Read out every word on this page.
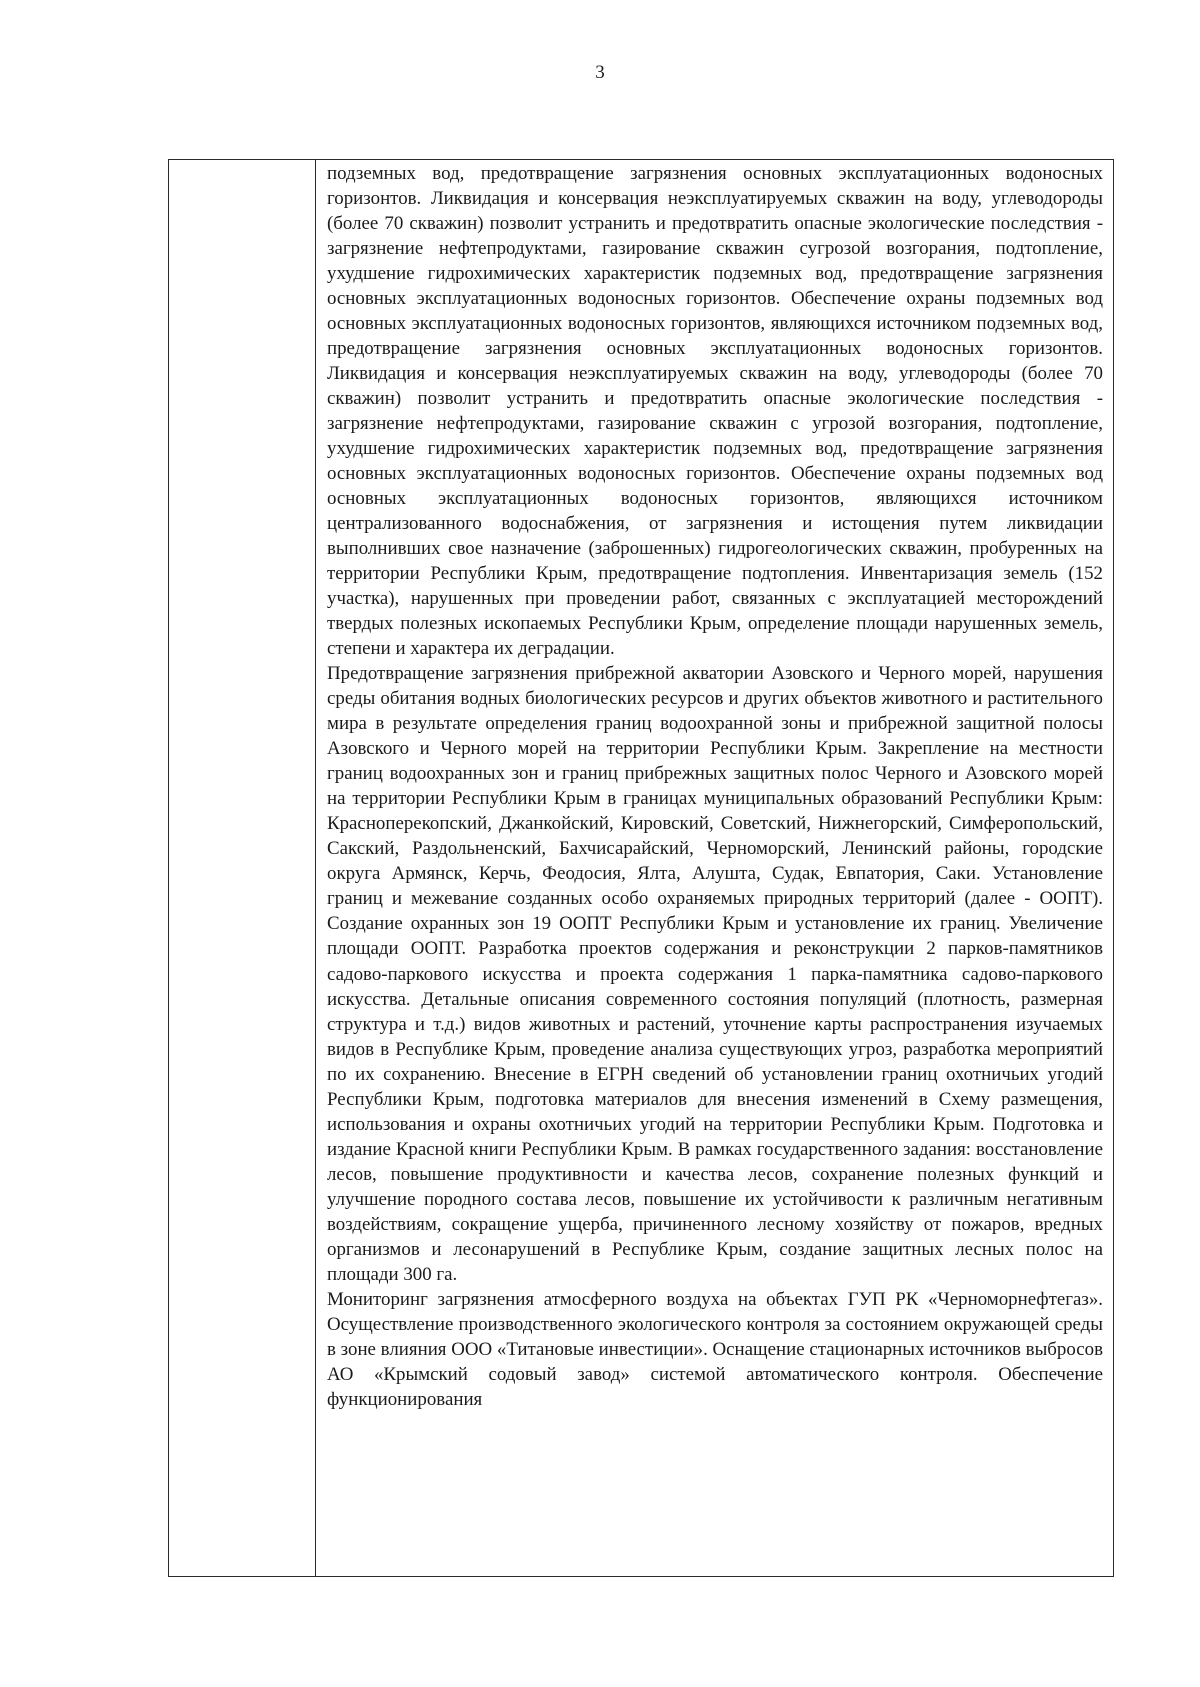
3

подземных вод, предотвращение загрязнения основных эксплуатационных водоносных горизонтов. Ликвидация и консервация неэксплуатируемых скважин на воду, углеводороды (более 70 скважин) позволит устранить и предотвратить опасные экологические последствия - загрязнение нефтепродуктами, газирование скважин сугрозой возгорания, подтопление, ухудшение гидрохимических характеристик подземных вод, предотвращение загрязнения основных эксплуатационных водоносных горизонтов. Обеспечение охраны подземных вод основных эксплуатационных водоносных горизонтов, являющихся источником подземных вод, предотвращение загрязнения основных эксплуатационных водоносных горизонтов. Ликвидация и консервация неэксплуатируемых скважин на воду, углеводороды (более 70 скважин) позволит устранить и предотвратить опасные экологические последствия - загрязнение нефтепродуктами, газирование скважин с угрозой возгорания, подтопление, ухудшение гидрохимических характеристик подземных вод, предотвращение загрязнения основных эксплуатационных водоносных горизонтов. Обеспечение охраны подземных вод основных эксплуатационных водоносных горизонтов, являющихся источником централизованного водоснабжения, от загрязнения и истощения путем ликвидации выполнивших свое назначение (заброшенных) гидрогеологических скважин, пробуренных на территории Республики Крым, предотвращение подтопления. Инвентаризация земель (152 участка), нарушенных при проведении работ, связанных с эксплуатацией месторождений твердых полезных ископаемых Республики Крым, определение площади нарушенных земель, степени и характера их деградации.

Предотвращение загрязнения прибрежной акватории Азовского и Черного морей, нарушения среды обитания водных биологических ресурсов и других объектов животного и растительного мира в результате определения границ водоохранной зоны и прибрежной защитной полосы Азовского и Черного морей на территории Республики Крым. Закрепление на местности границ водоохранных зон и границ прибрежных защитных полос Черного и Азовского морей на территории Республики Крым в границах муниципальных образований Республики Крым: Красноперекопский, Джанкойский, Кировский, Советский, Нижнегорский, Симферопольский, Сакский, Раздольненский, Бахчисарайский, Черноморский, Ленинский районы, городские округа Армянск, Керчь, Феодосия, Ялта, Алушта, Судак, Евпатория, Саки. Установление границ и межевание созданных особо охраняемых природных территорий (далее - ООПТ). Создание охранных зон 19 ООПТ Республики Крым и установление их границ. Увеличение площади ООПТ. Разработка проектов содержания и реконструкции 2 парков-памятников садово-паркового искусства и проекта содержания 1 парка-памятника садово-паркового искусства. Детальные описания современного состояния популяций (плотность, размерная структура и т.д.) видов животных и растений, уточнение карты распространения изучаемых видов в Республике Крым, проведение анализа существующих угроз, разработка мероприятий по их сохранению. Внесение в ЕГРН сведений об установлении границ охотничьих угодий Республики Крым, подготовка материалов для внесения изменений в Схему размещения, использования и охраны охотничьих угодий на территории Республики Крым. Подготовка и издание Красной книги Республики Крым. В рамках государственного задания: восстановление лесов, повышение продуктивности и качества лесов, сохранение полезных функций и улучшение породного состава лесов, повышение их устойчивости к различным негативным воздействиям, сокращение ущерба, причиненного лесному хозяйству от пожаров, вредных организмов и лесонарушений в Республике Крым, создание защитных лесных полос на площади 300 га.

Мониторинг загрязнения атмосферного воздуха на объектах ГУП РК «Черноморнефтегаз». Осуществление производственного экологического контроля за состоянием окружающей среды в зоне влияния ООО «Титановые инвестиции». Оснащение стационарных источников выбросов АО «Крымский содовый завод» системой автоматического контроля. Обеспечение функционирования
